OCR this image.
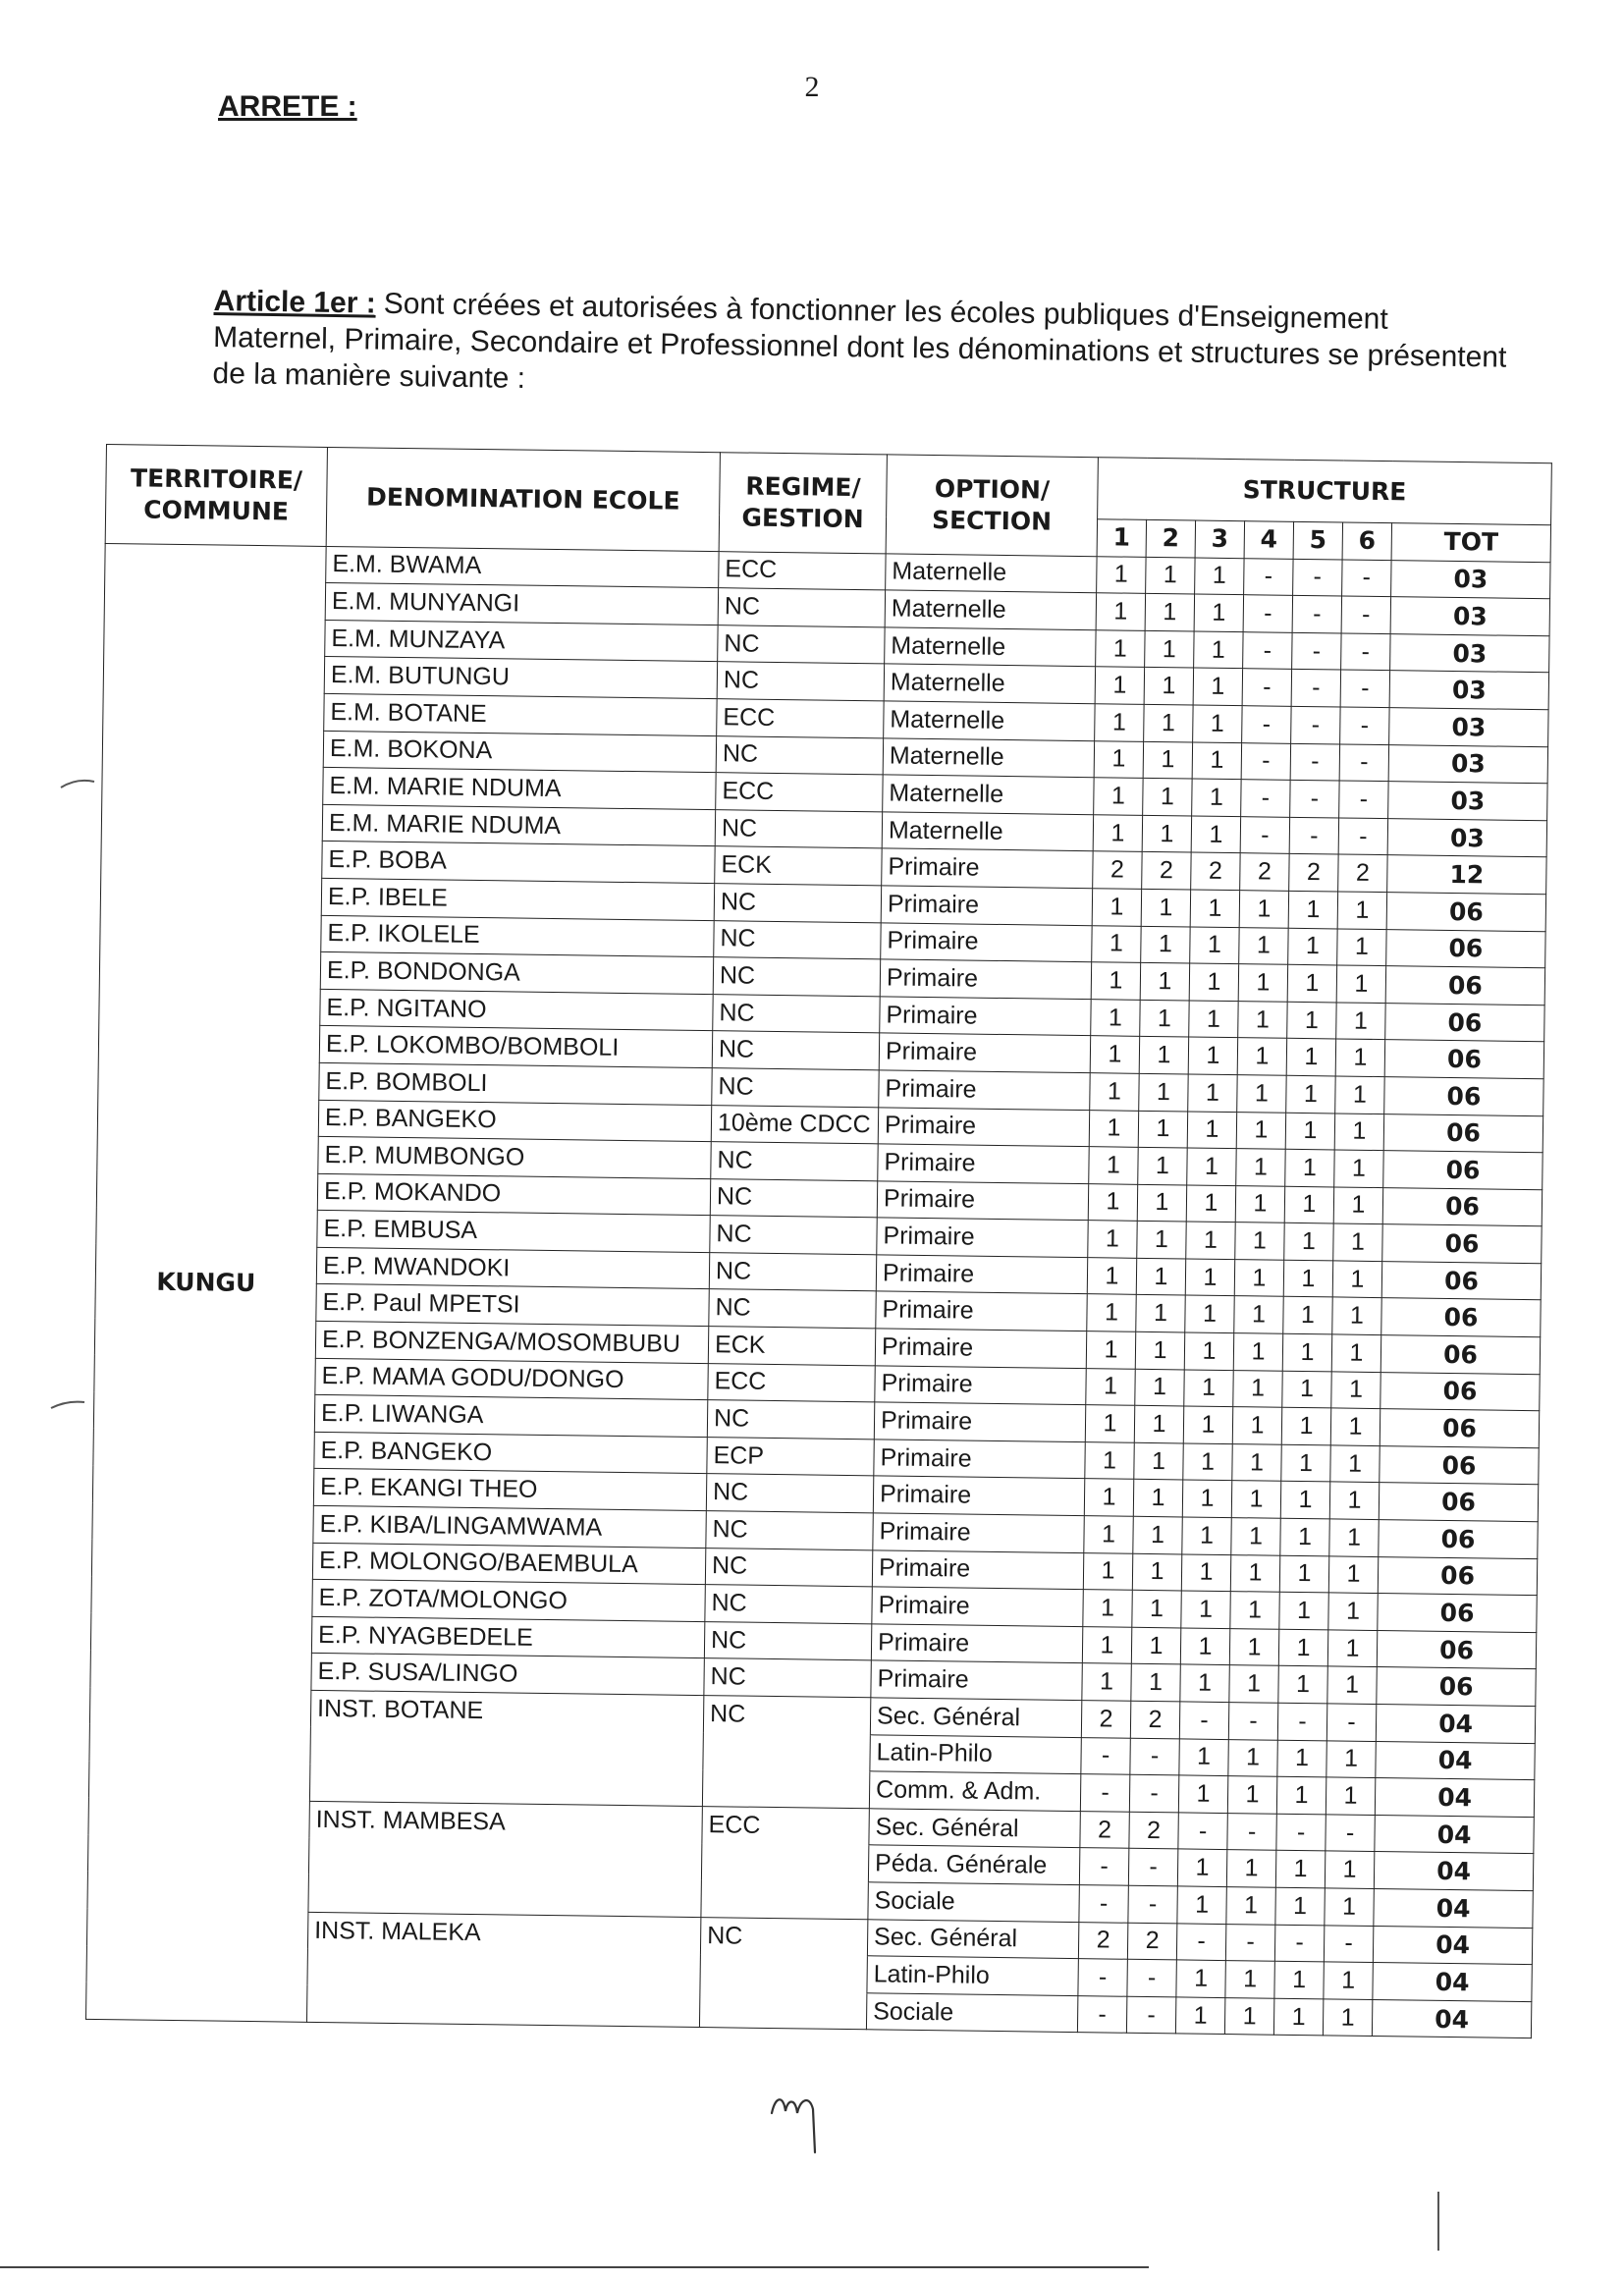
2
ARRETE :
Article 1er : Sont créées et autorisées à fonctionner les écoles publiques d'Enseignement Maternel, Primaire, Secondaire et Professionnel dont les dénominations et structures se présentent de la manière suivante :
TERRITOIRE/ COMMUNE	DENOMINATION ECOLE	REGIME/ GESTION	OPTION/ SECTION	STRUCTURE						
				1	2	3	4	5	6	TOT
KUNGU	E.M. BWAMA	ECC	Maternelle	1	1	1	-	-	-	03
	E.M. MUNYANGI	NC	Maternelle	1	1	1	-	-	-	03
	E.M. MUNZAYA	NC	Maternelle	1	1	1	-	-	-	03
	E.M. BUTUNGU	NC	Maternelle	1	1	1	-	-	-	03
	E.M. BOTANE	ECC	Maternelle	1	1	1	-	-	-	03
	E.M. BOKONA	NC	Maternelle	1	1	1	-	-	-	03
	E.M. MARIE NDUMA	ECC	Maternelle	1	1	1	-	-	-	03
	E.M. MARIE NDUMA	NC	Maternelle	1	1	1	-	-	-	03
	E.P. BOBA	ECK	Primaire	2	2	2	2	2	2	12
	E.P. IBELE	NC	Primaire	1	1	1	1	1	1	06
	E.P. IKOLELE	NC	Primaire	1	1	1	1	1	1	06
	E.P. BONDONGA	NC	Primaire	1	1	1	1	1	1	06
	E.P. NGITANO	NC	Primaire	1	1	1	1	1	1	06
	E.P. LOKOMBO/BOMBOLI	NC	Primaire	1	1	1	1	1	1	06
	E.P. BOMBOLI	NC	Primaire	1	1	1	1	1	1	06
	E.P. BANGEKO	10ème CDCC	Primaire	1	1	1	1	1	1	06
	E.P. MUMBONGO	NC	Primaire	1	1	1	1	1	1	06
	E.P. MOKANDO	NC	Primaire	1	1	1	1	1	1	06
	E.P. EMBUSA	NC	Primaire	1	1	1	1	1	1	06
	E.P. MWANDOKI	NC	Primaire	1	1	1	1	1	1	06
	E.P. Paul MPETSI	NC	Primaire	1	1	1	1	1	1	06
	E.P. BONZENGA/MOSOMBUBU	ECK	Primaire	1	1	1	1	1	1	06
	E.P. MAMA GODU/DONGO	ECC	Primaire	1	1	1	1	1	1	06
	E.P. LIWANGA	NC	Primaire	1	1	1	1	1	1	06
	E.P. BANGEKO	ECP	Primaire	1	1	1	1	1	1	06
	E.P. EKANGI THEO	NC	Primaire	1	1	1	1	1	1	06
	E.P. KIBA/LINGAMWAMA	NC	Primaire	1	1	1	1	1	1	06
	E.P. MOLONGO/BAEMBULA	NC	Primaire	1	1	1	1	1	1	06
	E.P. ZOTA/MOLONGO	NC	Primaire	1	1	1	1	1	1	06
	E.P. NYAGBEDELE	NC	Primaire	1	1	1	1	1	1	06
	E.P. SUSA/LINGO	NC	Primaire	1	1	1	1	1	1	06
	INST. BOTANE	NC	Sec. Général	2	2	-	-	-	-	04
			Latin-Philo	-	-	1	1	1	1	04
			Comm. & Adm.	-	-	1	1	1	1	04
	INST. MAMBESA	ECC	Sec. Général	2	2	-	-	-	-	04
			Péda. Générale	-	-	1	1	1	1	04
			Sociale	-	-	1	1	1	1	04
	INST. MALEKA	NC	Sec. Général	2	2	-	-	-	-	04
			Latin-Philo	-	-	1	1	1	1	04
			Sociale	-	-	1	1	1	1	04
